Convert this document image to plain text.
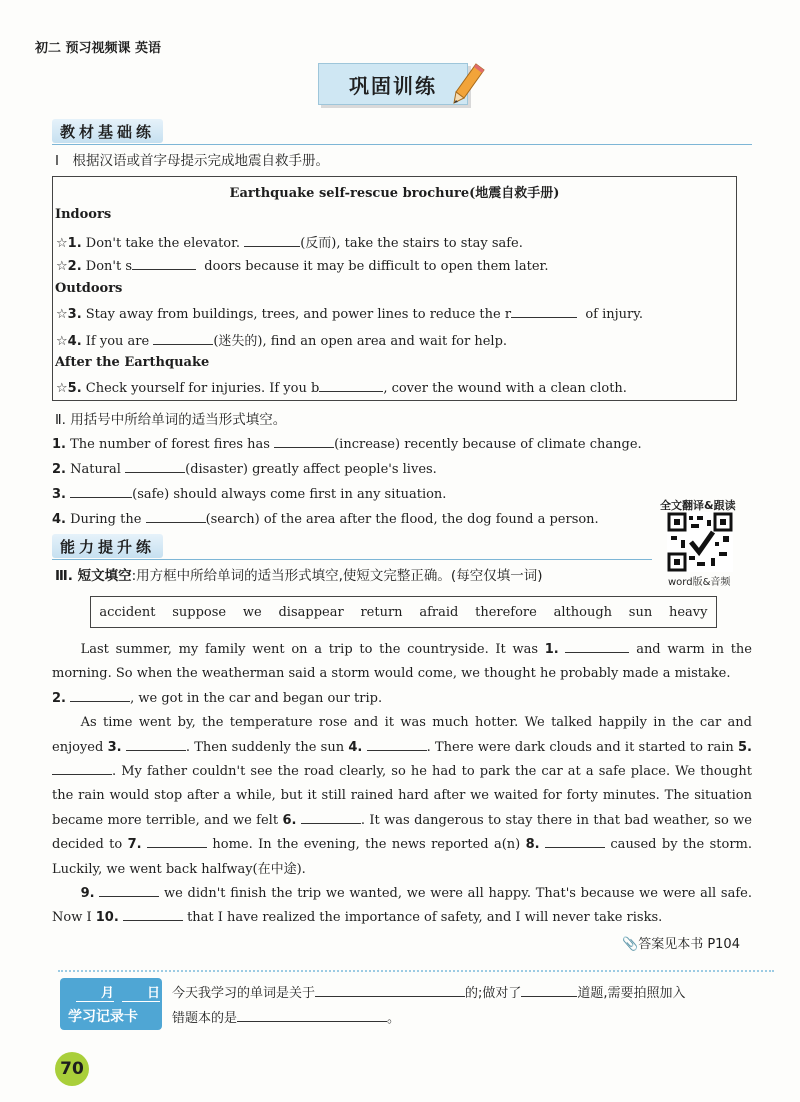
初二 预习视频课 英语
巩固训练
教材基础练
Ⅰ　根据汉语或首字母提示完成地震自救手册。
Earthquake self-rescue brochure(地震自救手册)
Indoors
☆1. Don't take the elevator.	(反而), take the stairs to stay safe.
☆2. Don't s	doors because it may be difficult to open them later.
Outdoors
☆3. Stay away from buildings, trees, and power lines to reduce the r	of injury.
☆4. If you are	(迷失的), find an open area and wait for help.
After the Earthquake
☆5. Check yourself for injuries. If you b	, cover the wound with a clean cloth.
Ⅱ. 用括号中所给单词的适当形式填空。
1. The number of forest fires has	(increase) recently because of climate change.
2. Natural	(disaster) greatly affect people's lives.
3.	(safe) should always come first in any situation.
4. During the	(search) of the area after the flood, the dog found a person.
全文翻译&跟读
word版&音频
能力提升练
Ⅲ. 短文填空:用方框中所给单词的适当形式填空,使短文完整正确。(每空仅填一词)
accident suppose we disappear return afraid therefore although sun heavy

Last summer, my family went on a trip to the countryside. It was 1.	and warm in the morning. So when the weatherman said a storm would come, we thought he probably made a mistake.
2.	, we got in the car and began our trip.

As time went by, the temperature rose and it was much hotter. We talked happily in the car and enjoyed 3.	. Then suddenly the sun 4.	. There were dark clouds and it started to rain 5. . My father couldn't see the road clearly, so he had to park the car at a safe place. We thought the rain would stop after a while, but it still rained hard after we waited for forty minutes. The situation became more terrible, and we felt 6.	. It was dangerous to stay there in that bad weather, so we decided to 7.	home. In the evening, the news reported a(n) 8.	caused by the storm. Luckily, we went back halfway(在中途).

9.	we didn't finish the trip we wanted, we were all happy. That's because we were all safe. Now I 10.	that I have realized the importance of safety, and I will never take risks.

📎答案见本书 P104
月	日
学习记录卡
今天我学习的单词是关于	的;做对了	道题,需要拍照加入
错题本的是	。
70
